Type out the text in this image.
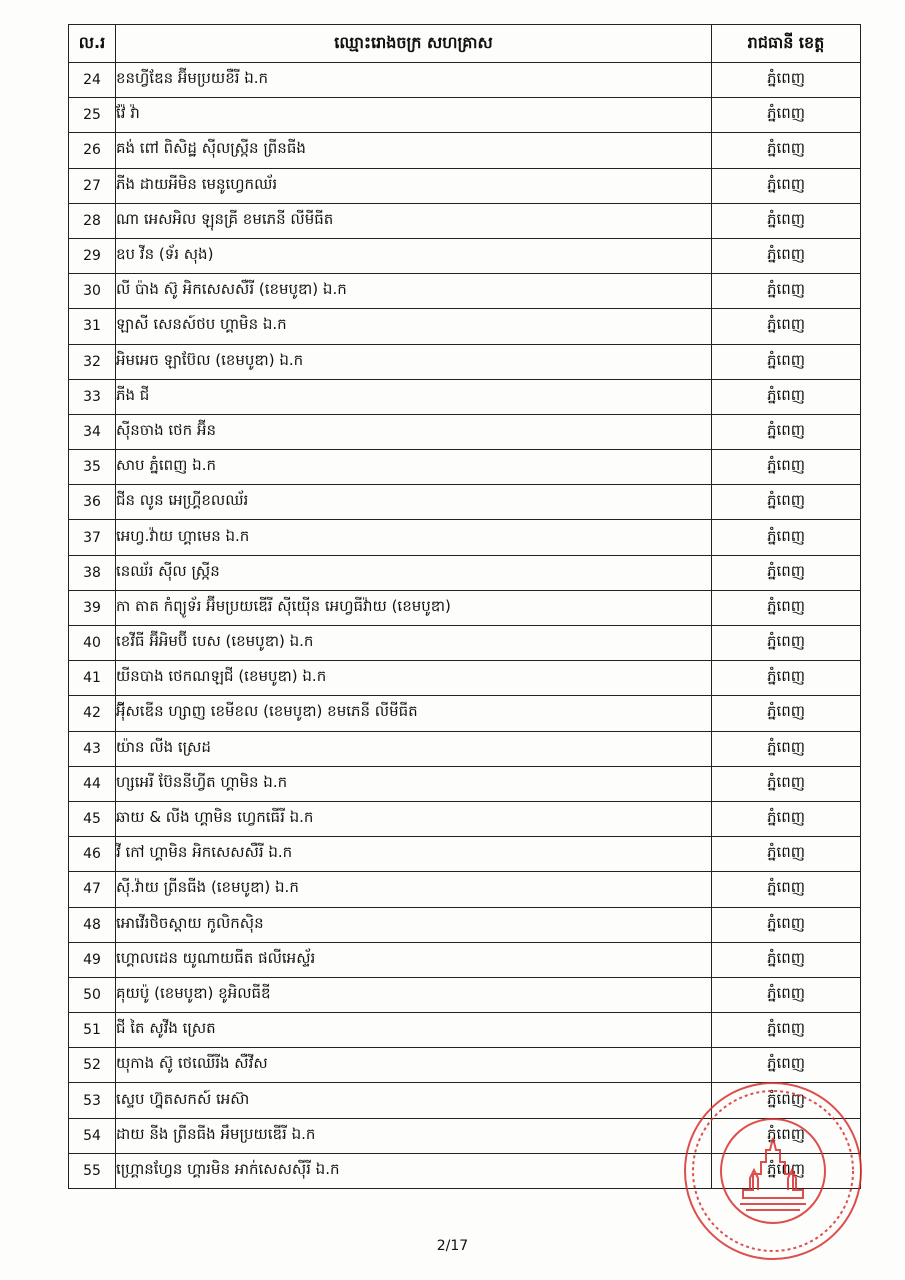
ល.រ	ឈ្មោះរោងចក្រ សហគ្រាស	រាជធានី ខេត្ត
24	ខនហ្វីឌែន អ៊ីមប្រយខឺរី ឯ.ក	ភ្នំពេញ
25	វ៉ែ វ៉ា	ភ្នំពេញ
26	គង់ ពៅ ពិសិដ្ឋ ស៊ីលស្ក្រីន ព្រីនធីង	ភ្នំពេញ
27	ភីង ដាយអីមិន មេនូហ្វេកឈ័រ	ភ្នំពេញ
28	ណា អេសអិល ឡុនគ្រី ខមភេនី លីមីធីត	ភ្នំពេញ
29	ឧប វីន (ទ័រ សុង)	ភ្នំពេញ
30	លី ប៉ាង ស៊ូ អិកសេសសឺរី (ខេមបូឌា) ឯ.ក	ភ្នំពេញ
31	ឡាសី សេនស៍ថប ហ្គាមិន ឯ.ក	ភ្នំពេញ
32	អិមអេច ឡាប៊ែល (ខេមបូឌា) ឯ.ក	ភ្នំពេញ
33	ភីង ជី	ភ្នំពេញ
34	ស៊ីនចាង ថេក អ៊ីន	ភ្នំពេញ
35	សាប ភ្នំពេញ ឯ.ក	ភ្នំពេញ
36	ជីន លូន អេហ្គ្រីខលឈ័រ	ភ្នំពេញ
37	អេហ្វ.វ៉ាយ ហ្គាមេន ឯ.ក	ភ្នំពេញ
38	នេឈ័រ ស៊ីល ស្ក្រីន	ភ្នំពេញ
39	កា តាត កំព្យូទ័រ អ៊ីមប្រយឌើរី ស៊ីយ៉ើន អេហ្វធីវ៉ាយ (ខេមបូឌា)	ភ្នំពេញ
40	ខេវីធី អ៊ីអិមប៊ី បេស (ខេមបូឌា) ឯ.ក	ភ្នំពេញ
41	យីនបាង ថេកណឡជី (ខេមបូឌា) ឯ.ក	ភ្នំពេញ
42	អ៊ុីសឌើន ហ្សាញ ខេមីខល (ខេមបូឌា) ខមភេនី លីមីធីត	ភ្នំពេញ
43	យ៉ាន លីង ស្រេដ	ភ្នំពេញ
44	ហ្សអេរី ប៊ែននីហ្វីត ហ្គាមិន ឯ.ក	ភ្នំពេញ
45	ឆាយ & លីង ហ្គាមិន ហ្វេកធើរី ឯ.ក	ភ្នំពេញ
46	វី កៅ ហ្គាមិន អិកសេសសឺរី ឯ.ក	ភ្នំពេញ
47	ស៊ី.វ៉ាយ ព្រីនធីង (ខេមបូឌា) ឯ.ក	ភ្នំពេញ
48	អោវើរថិចស្ដាយ កូលិកស៊ិន	ភ្នំពេញ
49	ហ្គោលដេន យូណាយធីត ផលីអេស្ទ័រ	ភ្នំពេញ
50	គុយប៉ូ (ខេមបូឌា) ខូអិលធីឌី	ភ្នំពេញ
51	ជី តៃ សូវីង ស្រេត	ភ្នំពេញ
52	យុកាង ស៊ូ ថេឈើរីង សឺវីស	ភ្នំពេញ
53	ស្ទេប ហ្វ៊ុតសកស៍ អេស៊ា	ភ្នំពេញ
54	ដាយ នីង ព្រីនធីង អឹមប្រយឌើរី ឯ.ក	ភ្នំពេញ
55	ហ្គ្រោនហ្វែន ហ្គារមិន អាក់សេសស៊ីរី ឯ.ក	ភ្នំពេញ
2/17
